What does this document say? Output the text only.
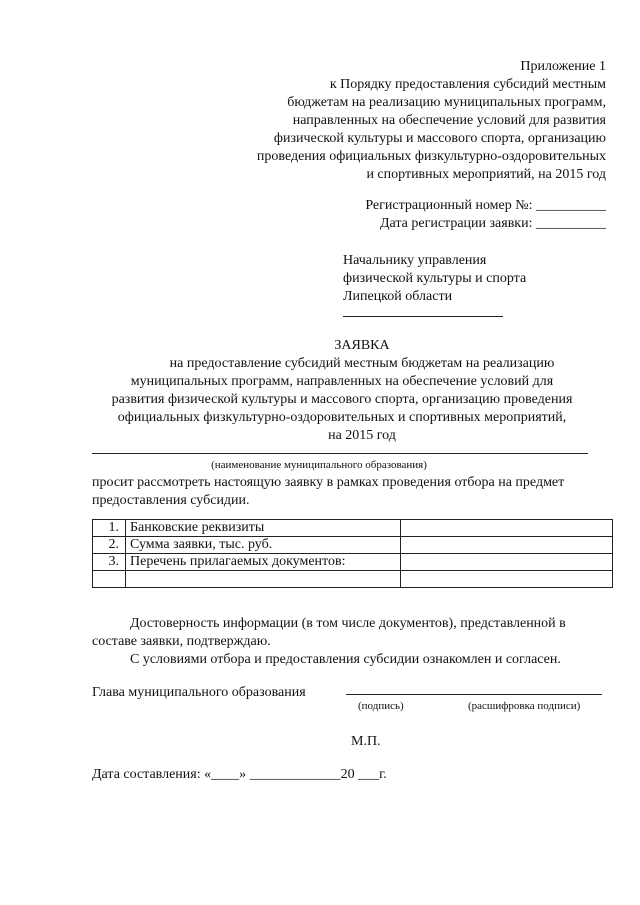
Приложение 1
к Порядку предоставления субсидий местным
бюджетам на реализацию муниципальных программ,
направленных на обеспечение условий для развития
физической культуры и массового спорта, организацию
проведения официальных физкультурно-оздоровительных
и спортивных мероприятий, на 2015 год
Регистрационный номер №: __________
Дата регистрации заявки: __________
Начальнику управления
физической культуры и спорта
Липецкой области
ЗАЯВКА
на предоставление субсидий местным бюджетам на реализацию
муниципальных программ, направленных на обеспечение условий для
развития физической культуры и массового спорта, организацию проведения
официальных физкультурно-оздоровительных и спортивных мероприятий,
на 2015 год
(наименование муниципального образования)
просит рассмотреть настоящую заявку в рамках проведения отбора на предмет
предоставления субсидии.
1.	Банковские реквизиты	
2.	Сумма заявки, тыс. руб.	
3.	Перечень прилагаемых документов:	

Достоверность информации (в том числе документов), представленной в
составе заявки, подтверждаю.
С условиями отбора и предоставления субсидии ознакомлен и согласен.
Глава муниципального образования
(подпись)	(расшифровка подписи)
М.П.
Дата составления: «____» _____________20 ___г.
